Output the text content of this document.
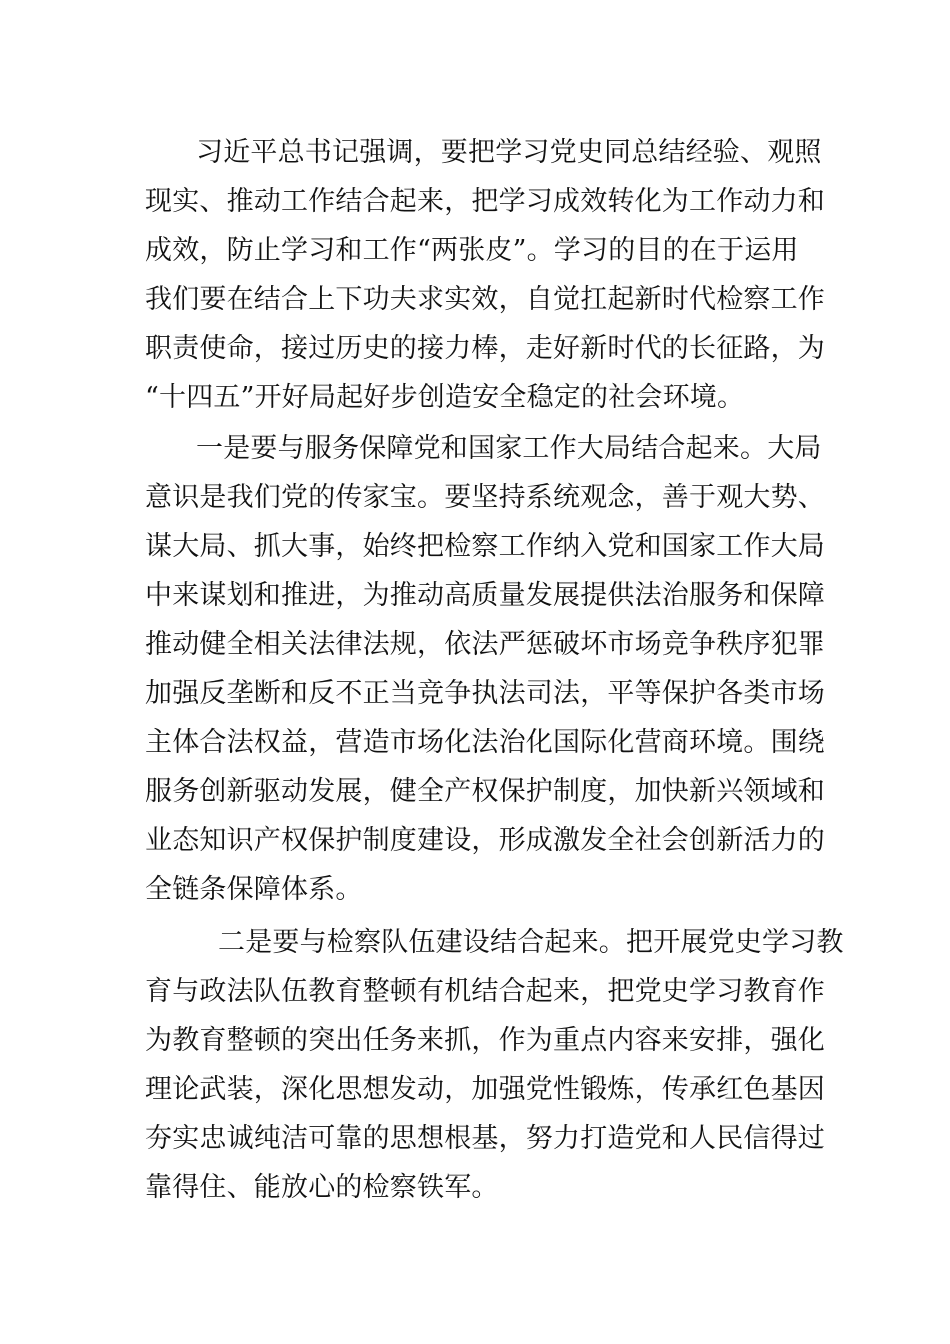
习近平总书记强调，要把学习党史同总结经验、观照
现实、推动工作结合起来，把学习成效转化为工作动力和
成效，防止学习和工作“两张皮”。学习的目的在于运用
我们要在结合上下功夫求实效，自觉扛起新时代检察工作
职责使命，接过历史的接力棒，走好新时代的长征路，为
“十四五”开好局起好步创造安全稳定的社会环境。
一是要与服务保障党和国家工作大局结合起来。大局
意识是我们党的传家宝。要坚持系统观念，善于观大势、
谋大局、抓大事，始终把检察工作纳入党和国家工作大局
中来谋划和推进，为推动高质量发展提供法治服务和保障
推动健全相关法律法规，依法严惩破坏市场竞争秩序犯罪
加强反垄断和反不正当竞争执法司法，平等保护各类市场
主体合法权益，营造市场化法治化国际化营商环境。围绕
服务创新驱动发展，健全产权保护制度，加快新兴领域和
业态知识产权保护制度建设，形成激发全社会创新活力的
全链条保障体系。
二是要与检察队伍建设结合起来。把开展党史学习教
育与政法队伍教育整顿有机结合起来，把党史学习教育作
为教育整顿的突出任务来抓，作为重点内容来安排，强化
理论武装，深化思想发动，加强党性锻炼，传承红色基因
夯实忠诚纯洁可靠的思想根基，努力打造党和人民信得过
靠得住、能放心的检察铁军。
